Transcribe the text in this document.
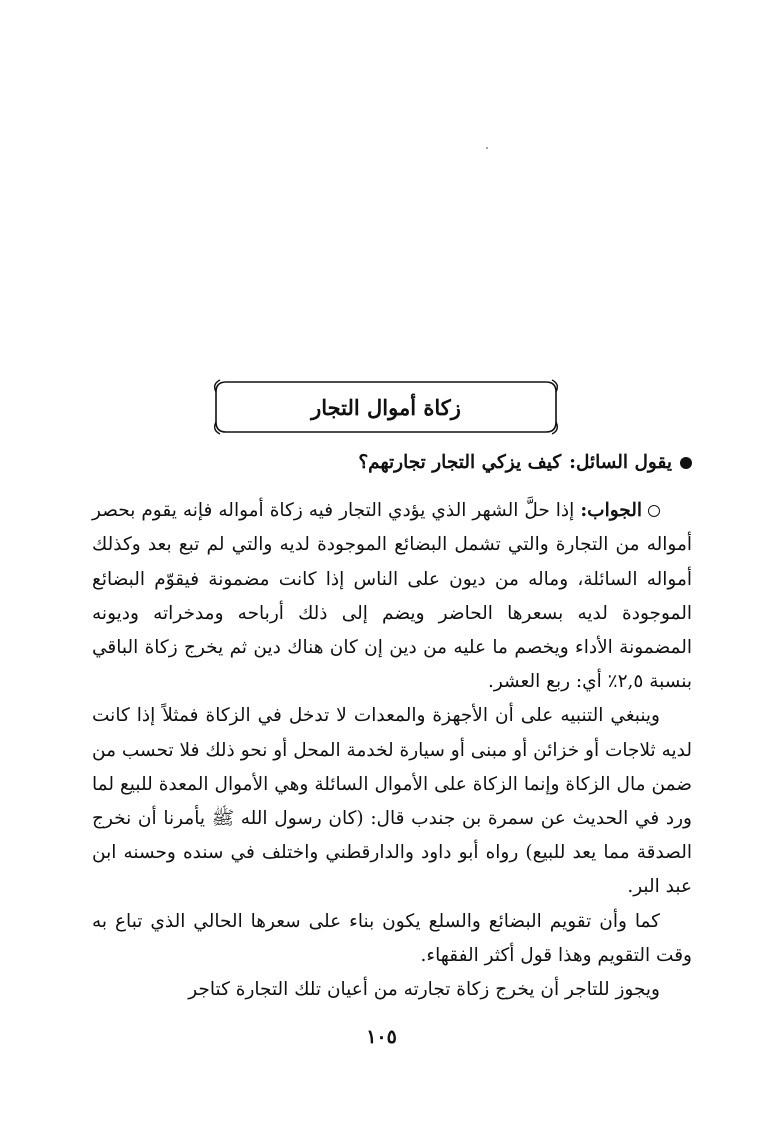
زكاة أموال التجار
يقول السائل:
كيف يزكي التجار تجارتهم؟

الجواب: إذا حلَّ الشهر الذي يؤدي التجار فيه زكاة أمواله فإنه يقوم بحصر أمواله من التجارة والتي تشمل البضائع الموجودة لديه والتي لم تبع بعد وكذلك أمواله السائلة، وماله من ديون على الناس إذا كانت مضمونة فيقوّم البضائع الموجودة لديه بسعرها الحاضر ويضم إلى ذلك أرباحه ومدخراته وديونه المضمونة الأداء ويخصم ما عليه من دين إن كان هناك دين ثم يخرج زكاة الباقي بنسبة ٢,٥٪ أي: ربع العشر.

وينبغي التنبيه على أن الأجهزة والمعدات لا تدخل في الزكاة فمثلاً إذا كانت لديه ثلاجات أو خزائن أو مبنى أو سيارة لخدمة المحل أو نحو ذلك فلا تحسب من ضمن مال الزكاة وإنما الزكاة على الأموال السائلة وهي الأموال المعدة للبيع لما ورد في الحديث عن سمرة بن جندب قال: (كان رسول الله ﷺ يأمرنا أن نخرج الصدقة مما يعد للبيع) رواه أبو داود والدارقطني واختلف في سنده وحسنه ابن عبد البر.

كما وأن تقويم البضائع والسلع يكون بناء على سعرها الحالي الذي تباع به وقت التقويم وهذا قول أكثر الفقهاء.

ويجوز للتاجر أن يخرج زكاة تجارته من أعيان تلك التجارة كتاجر

١٠٥
